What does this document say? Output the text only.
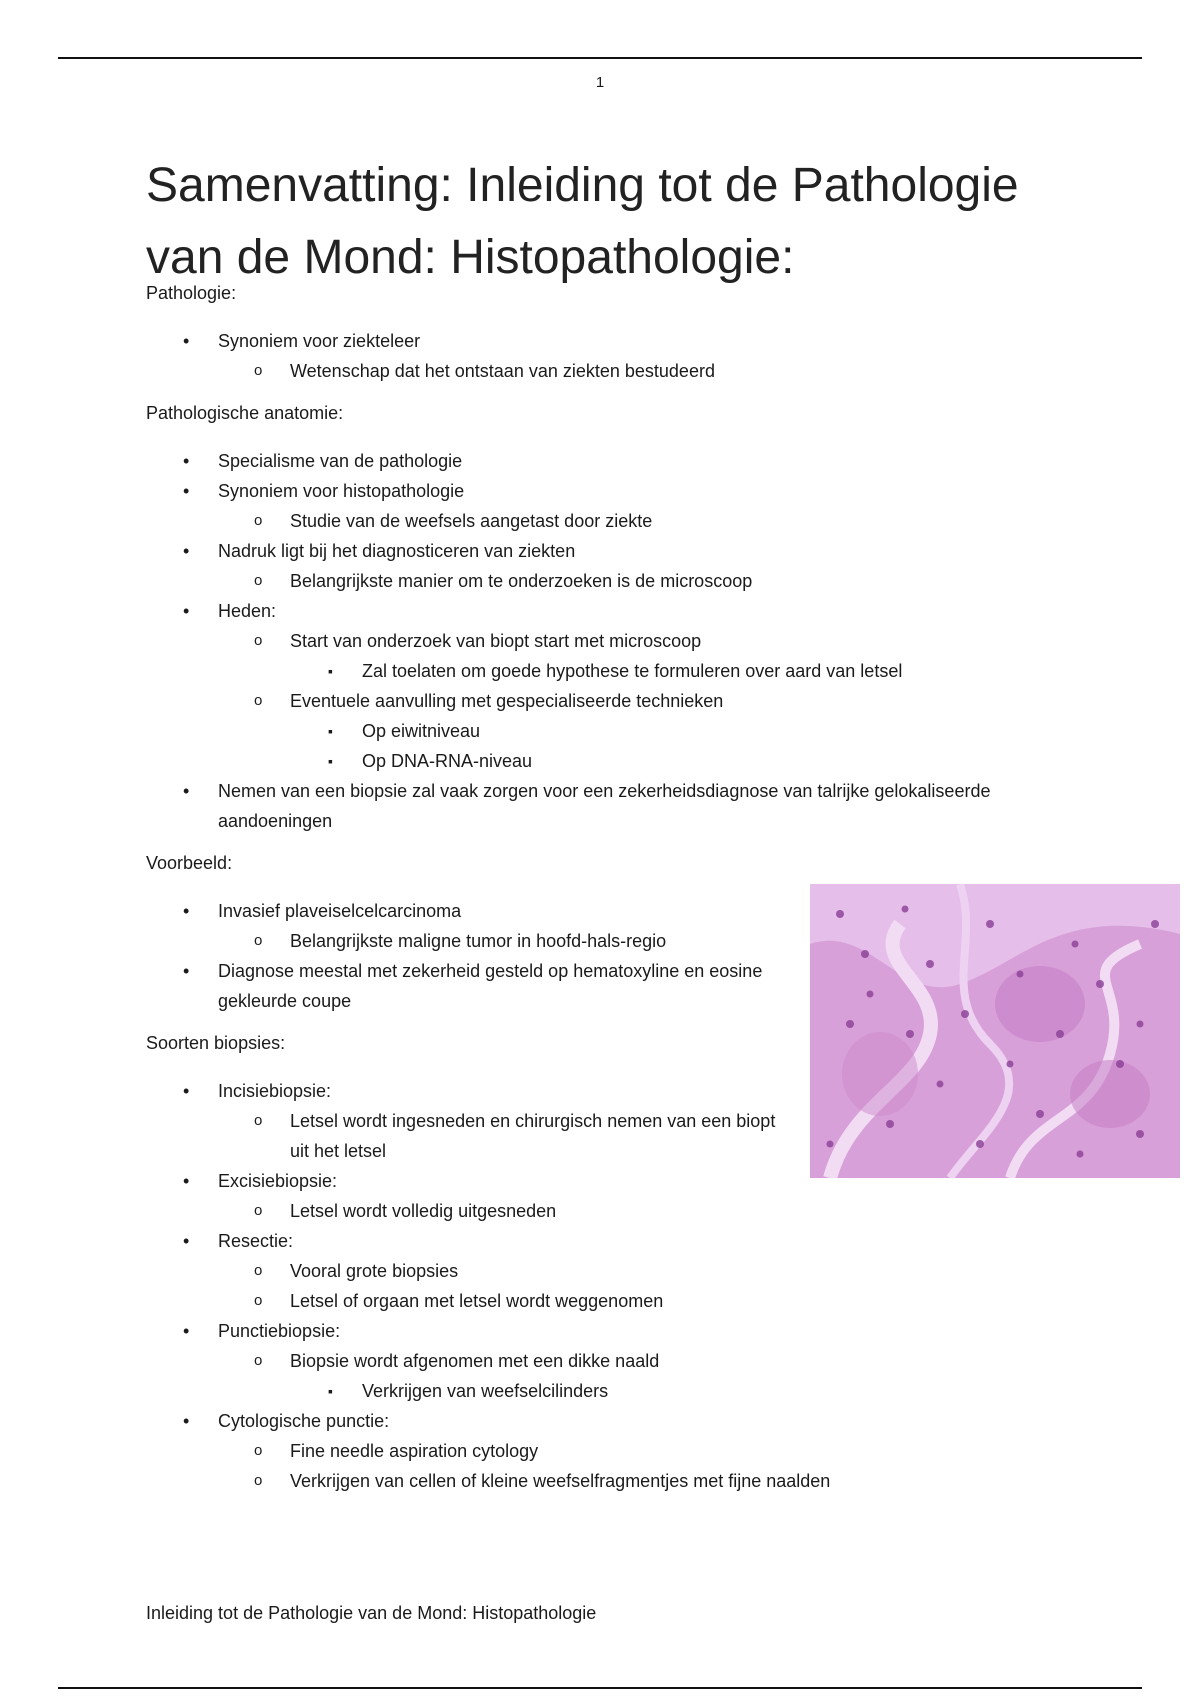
1
Samenvatting: Inleiding tot de Pathologie van de Mond: Histopathologie:
Pathologie:
• Synoniem voor ziekteleer
o Wetenschap dat het ontstaan van ziekten bestudeerd
Pathologische anatomie:
• Specialisme van de pathologie
• Synoniem voor histopathologie
o Studie van de weefsels aangetast door ziekte
• Nadruk ligt bij het diagnosticeren van ziekten
o Belangrijkste manier om te onderzoeken is de microscoop
• Heden:
o Start van onderzoek van biopt start met microscoop
▪ Zal toelaten om goede hypothese te formuleren over aard van letsel
o Eventuele aanvulling met gespecialiseerde technieken
▪ Op eiwitniveau
▪ Op DNA-RNA-niveau
• Nemen van een biopsie zal vaak zorgen voor een zekerheidsdiagnose van talrijke gelokaliseerde aandoeningen
Voorbeeld:
• Invasief plaveiselcelcarcinoma
o Belangrijkste maligne tumor in hoofd-hals-regio
• Diagnose meestal met zekerheid gesteld op hematoxyline en eosine gekleurde coupe
Soorten biopsies:
• Incisiebiopsie:
o Letsel wordt ingesneden en chirurgisch nemen van een biopt uit het letsel
• Excisiebiopsie:
o Letsel wordt volledig uitgesneden
• Resectie:
o Vooral grote biopsies
o Letsel of orgaan met letsel wordt weggenomen
• Punctiebiopsie:
o Biopsie wordt afgenomen met een dikke naald
▪ Verkrijgen van weefselcilinders
• Cytologische punctie:
o Fine needle aspiration cytology
o Verkrijgen van cellen of kleine weefselfragmentjes met fijne naalden
Inleiding tot de Pathologie van de Mond: Histopathologie
